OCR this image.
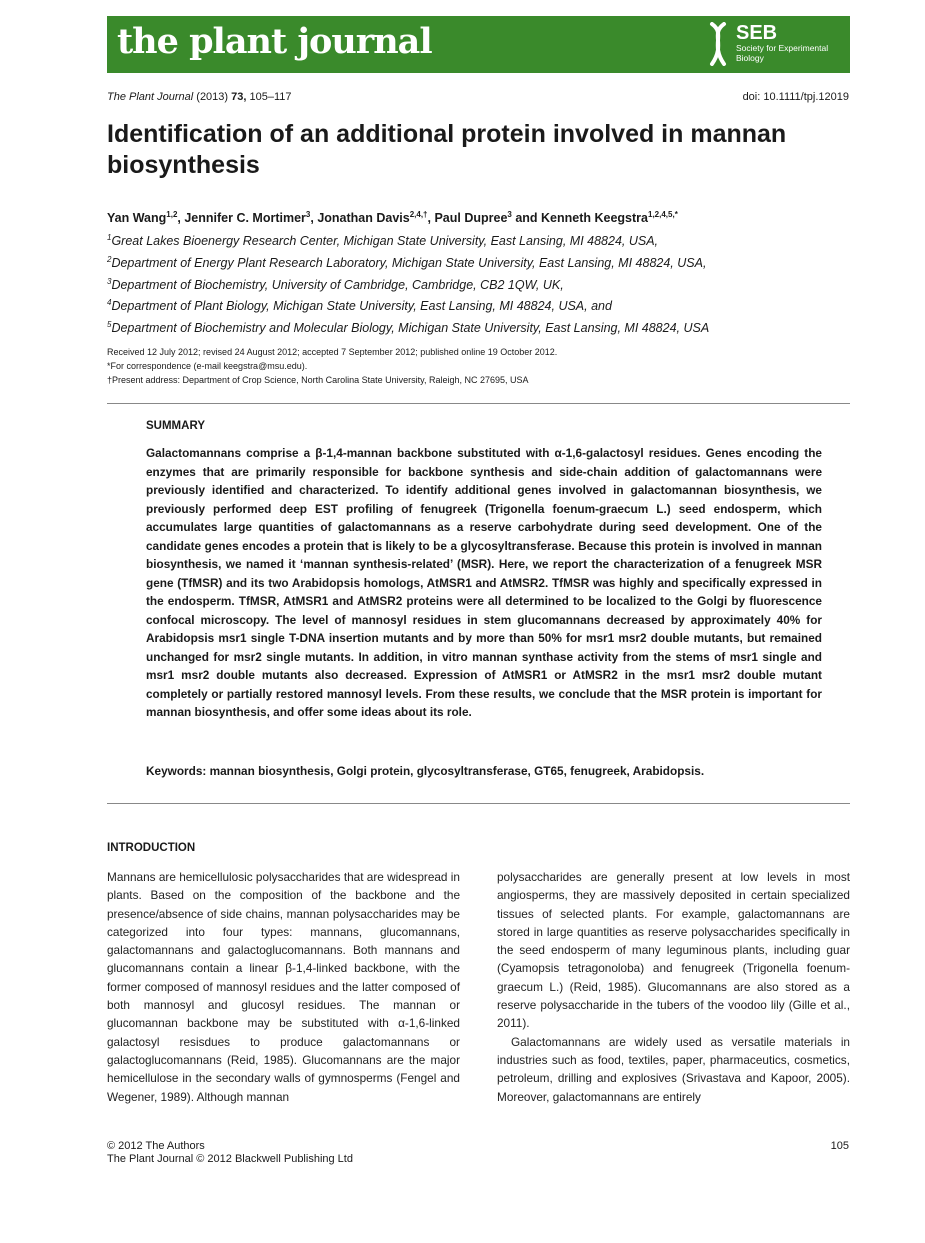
the plant journal	SEB
Society for Experimental Biology
The Plant Journal (2013) 73, 105–117	doi: 10.1111/tpj.12019
Identification of an additional protein involved in mannan biosynthesis
Yan Wang$^{1,2}$, Jennifer C. Mortimer$^3$, Jonathan Davis$^{2,4,\dagger}$, Paul Dupree$^3$ and Kenneth Keegstra$^{1,2,4,5,*}$
$^1$Great Lakes Bioenergy Research Center, Michigan State University, East Lansing, MI 48824, USA,
$^2$Department of Energy Plant Research Laboratory, Michigan State University, East Lansing, MI 48824, USA,
$^3$Department of Biochemistry, University of Cambridge, Cambridge, CB2 1QW, UK,
$^4$Department of Plant Biology, Michigan State University, East Lansing, MI 48824, USA, and
$^5$Department of Biochemistry and Molecular Biology, Michigan State University, East Lansing, MI 48824, USA
Received 12 July 2012; revised 24 August 2012; accepted 7 September 2012; published online 19 October 2012.
*For correspondence (e-mail keegstra@msu.edu).
†Present address: Department of Crop Science, North Carolina State University, Raleigh, NC 27695, USA
SUMMARY
Galactomannans comprise a β-1,4-mannan backbone substituted with α-1,6-galactosyl residues. Genes encoding the enzymes that are primarily responsible for backbone synthesis and side-chain addition of galactomannans were previously identified and characterized. To identify additional genes involved in galactomannan biosynthesis, we previously performed deep EST profiling of fenugreek (Trigonella foenum-graecum L.) seed endosperm, which accumulates large quantities of galactomannans as a reserve carbohydrate during seed development. One of the candidate genes encodes a protein that is likely to be a glycosyltransferase. Because this protein is involved in mannan biosynthesis, we named it ‘mannan synthesis-related’ (MSR). Here, we report the characterization of a fenugreek MSR gene (TfMSR) and its two Arabidopsis homologs, AtMSR1 and AtMSR2. TfMSR was highly and specifically expressed in the endosperm. TfMSR, AtMSR1 and AtMSR2 proteins were all determined to be localized to the Golgi by fluorescence confocal microscopy. The level of mannosyl residues in stem glucomannans decreased by approximately 40% for Arabidopsis msr1 single T-DNA insertion mutants and by more than 50% for msr1 msr2 double mutants, but remained unchanged for msr2 single mutants. In addition, in vitro mannan synthase activity from the stems of msr1 single and msr1 msr2 double mutants also decreased. Expression of AtMSR1 or AtMSR2 in the msr1 msr2 double mutant completely or partially restored mannosyl levels. From these results, we conclude that the MSR protein is important for mannan biosynthesis, and offer some ideas about its role.
Keywords: mannan biosynthesis, Golgi protein, glycosyltransferase, GT65, fenugreek, Arabidopsis.
INTRODUCTION

Mannans are hemicellulosic polysaccharides that are widespread in plants. Based on the composition of the backbone and the presence/absence of side chains, mannan polysaccharides may be categorized into four types: mannans, glucomannans, galactomannans and galactoglucomannans. Both mannans and glucomannans contain a linear β-1,4-linked backbone, with the former composed of mannosyl residues and the latter composed of both mannosyl and glucosyl residues. The mannan or glucomannan backbone may be substituted with α-1,6-linked galactosyl resisdues to produce galactomannans or galactoglucomannans (Reid, 1985). Glucomannans are the major hemicellulose in the secondary walls of gymnosperms (Fengel and Wegener, 1989). Although mannan

polysaccharides are generally present at low levels in most angiosperms, they are massively deposited in certain specialized tissues of selected plants. For example, galactomannans are stored in large quantities as reserve polysaccharides specifically in the seed endosperm of many leguminous plants, including guar (Cyamopsis tetragonoloba) and fenugreek (Trigonella foenum-graecum L.) (Reid, 1985). Glucomannans are also stored as a reserve polysaccharide in the tubers of the voodoo lily (Gille et al., 2011).

Galactomannans are widely used as versatile materials in industries such as food, textiles, paper, pharmaceutics, cosmetics, petroleum, drilling and explosives (Srivastava and Kapoor, 2005). Moreover, galactomannans are entirely

© 2012 The Authors
The Plant Journal © 2012 Blackwell Publishing Ltd
105
